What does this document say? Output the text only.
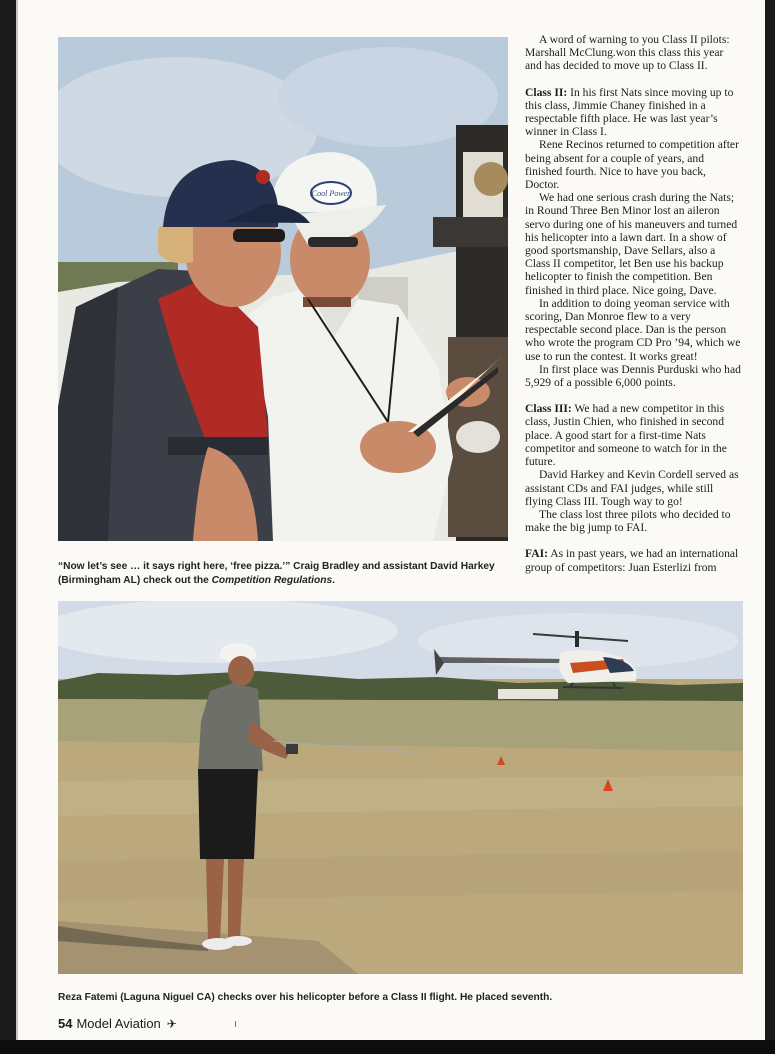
Cool Power
“Now let’s see … it says right here, ‘free pizza.’” Craig Bradley and assistant David Harkey (Birmingham AL) check out the Competition Regulations.

A word of warning to you Class II pilots: Marshall McClung.won this class this year and has decided to move up to Class II.

Class II: In his first Nats since moving up to this class, Jimmie Chaney finished in a respectable fifth place. He was last year’s winner in Class I.

Rene Recinos returned to competition after being absent for a couple of years, and finished fourth. Nice to have you back, Doctor.

We had one serious crash during the Nats; in Round Three Ben Minor lost an aileron servo during one of his maneuvers and turned his helicopter into a lawn dart. In a show of good sportsmanship, Dave Sellars, also a Class II competitor, let Ben use his backup helicopter to finish the competition. Ben finished in third place. Nice going, Dave.

In addition to doing yeoman service with scoring, Dan Monroe flew to a very respectable second place. Dan is the person who wrote the program CD Pro ’94, which we use to run the contest. It works great!

In first place was Dennis Purduski who had 5,929 of a possible 6,000 points.

Class III: We had a new competitor in this class, Justin Chien, who finished in second place. A good start for a first-time Nats competitor and someone to watch for in the future.

David Harkey and Kevin Cordell served as assistant CDs and FAI judges, while still flying Class III. Tough way to go!

The class lost three pilots who decided to make the big jump to FAI.

FAI: As in past years, we had an international group of competitors: Juan Esterlizi from

Reza Fatemi (Laguna Niguel CA) checks over his helicopter before a Class II flight. He placed seventh.
54 Model Aviation ✈
